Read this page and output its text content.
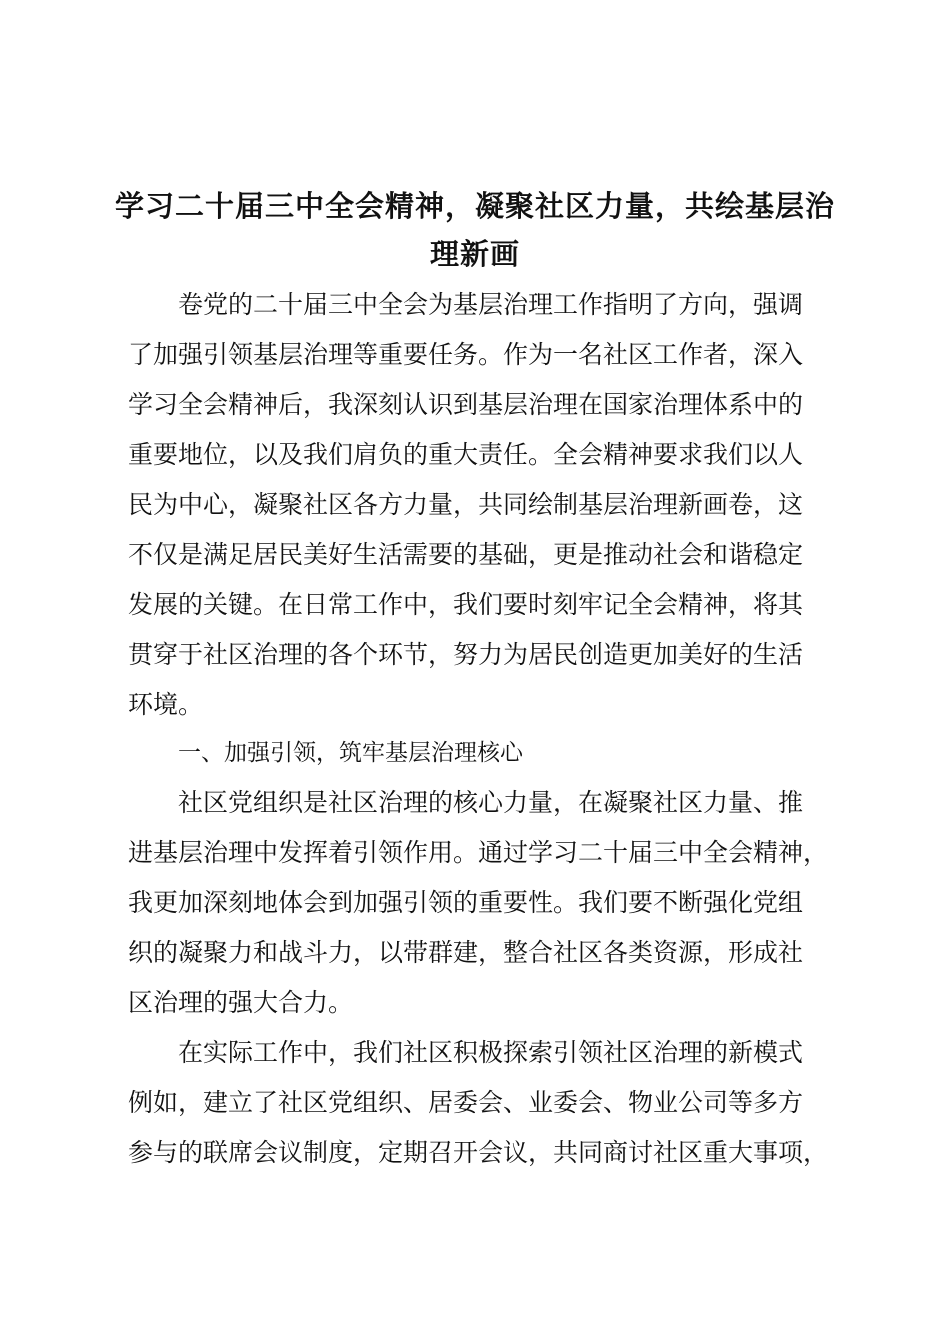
学习二十届三中全会精神，凝聚社区力量，共绘基层治
理新画

卷党的二十届三中全会为基层治理工作指明了方向，强调
了加强引领基层治理等重要任务。作为一名社区工作者，深入
学习全会精神后，我深刻认识到基层治理在国家治理体系中的
重要地位，以及我们肩负的重大责任。全会精神要求我们以人
民为中心，凝聚社区各方力量，共同绘制基层治理新画卷，这
不仅是满足居民美好生活需要的基础，更是推动社会和谐稳定
发展的关键。在日常工作中，我们要时刻牢记全会精神，将其
贯穿于社区治理的各个环节，努力为居民创造更加美好的生活
环境。

一、加强引领，筑牢基层治理核心

社区党组织是社区治理的核心力量，在凝聚社区力量、推
进基层治理中发挥着引领作用。通过学习二十届三中全会精神，
我更加深刻地体会到加强引领的重要性。我们要不断强化党组
织的凝聚力和战斗力，以带群建，整合社区各类资源，形成社
区治理的强大合力。

在实际工作中，我们社区积极探索引领社区治理的新模式
例如，建立了社区党组织、居委会、业委会、物业公司等多方
参与的联席会议制度，定期召开会议，共同商讨社区重大事项，
